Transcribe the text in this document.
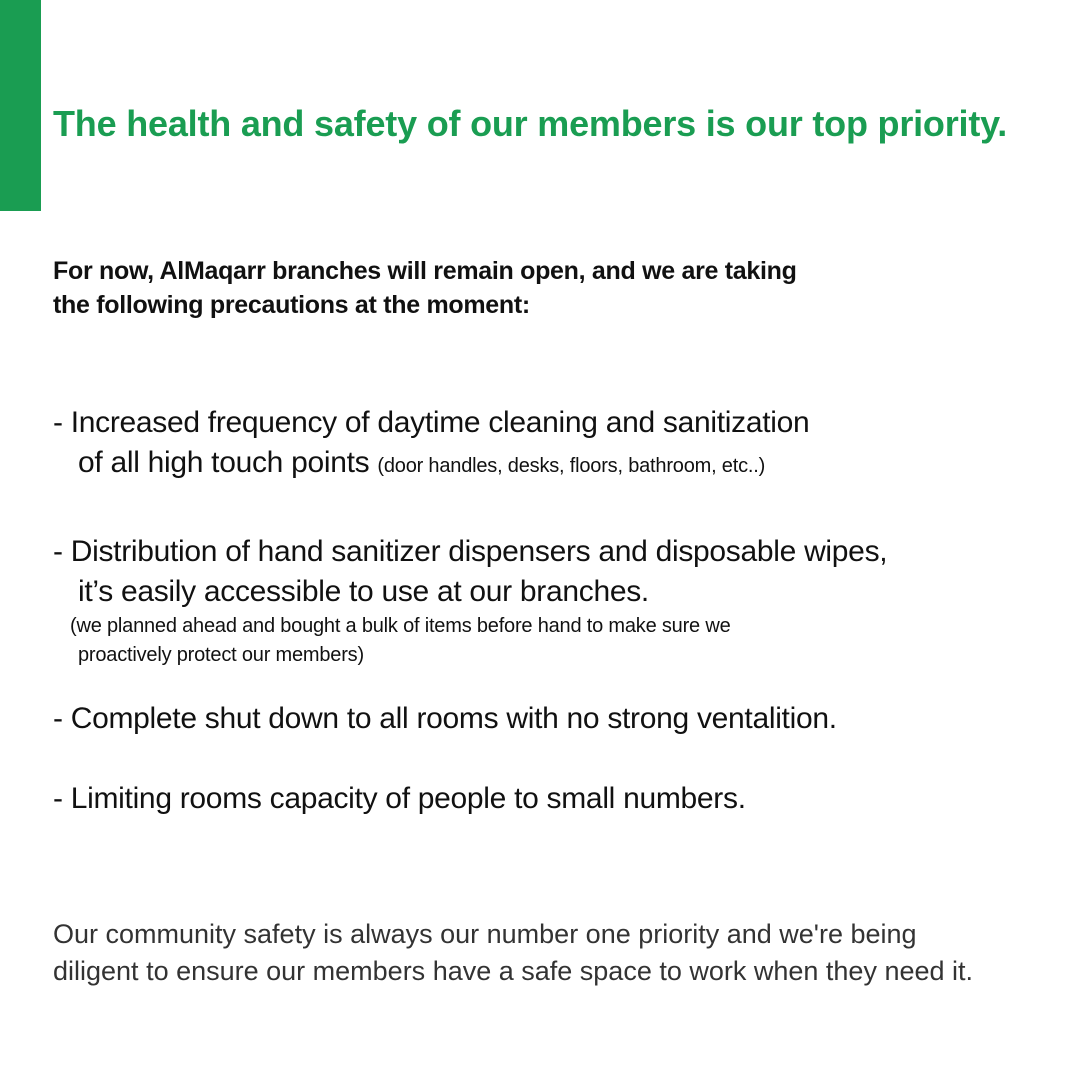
The health and safety of our members is our top priority.

For now, AlMaqarr branches will remain open, and we are taking
the following precautions at the moment:

- Increased frequency of daytime cleaning and sanitization
of all high touch points (door handles, desks, floors, bathroom, etc..)
- Distribution of hand sanitizer dispensers and disposable wipes,
it’s easily accessible to use at our branches.
(we planned ahead and bought a bulk of items before hand to make sure we
proactively protect our members)
- Complete shut down to all rooms with no strong ventalition.
- Limiting rooms capacity of people to small numbers.

Our community safety is always our number one priority and we're being
diligent to ensure our members have a safe space to work when they need it.
